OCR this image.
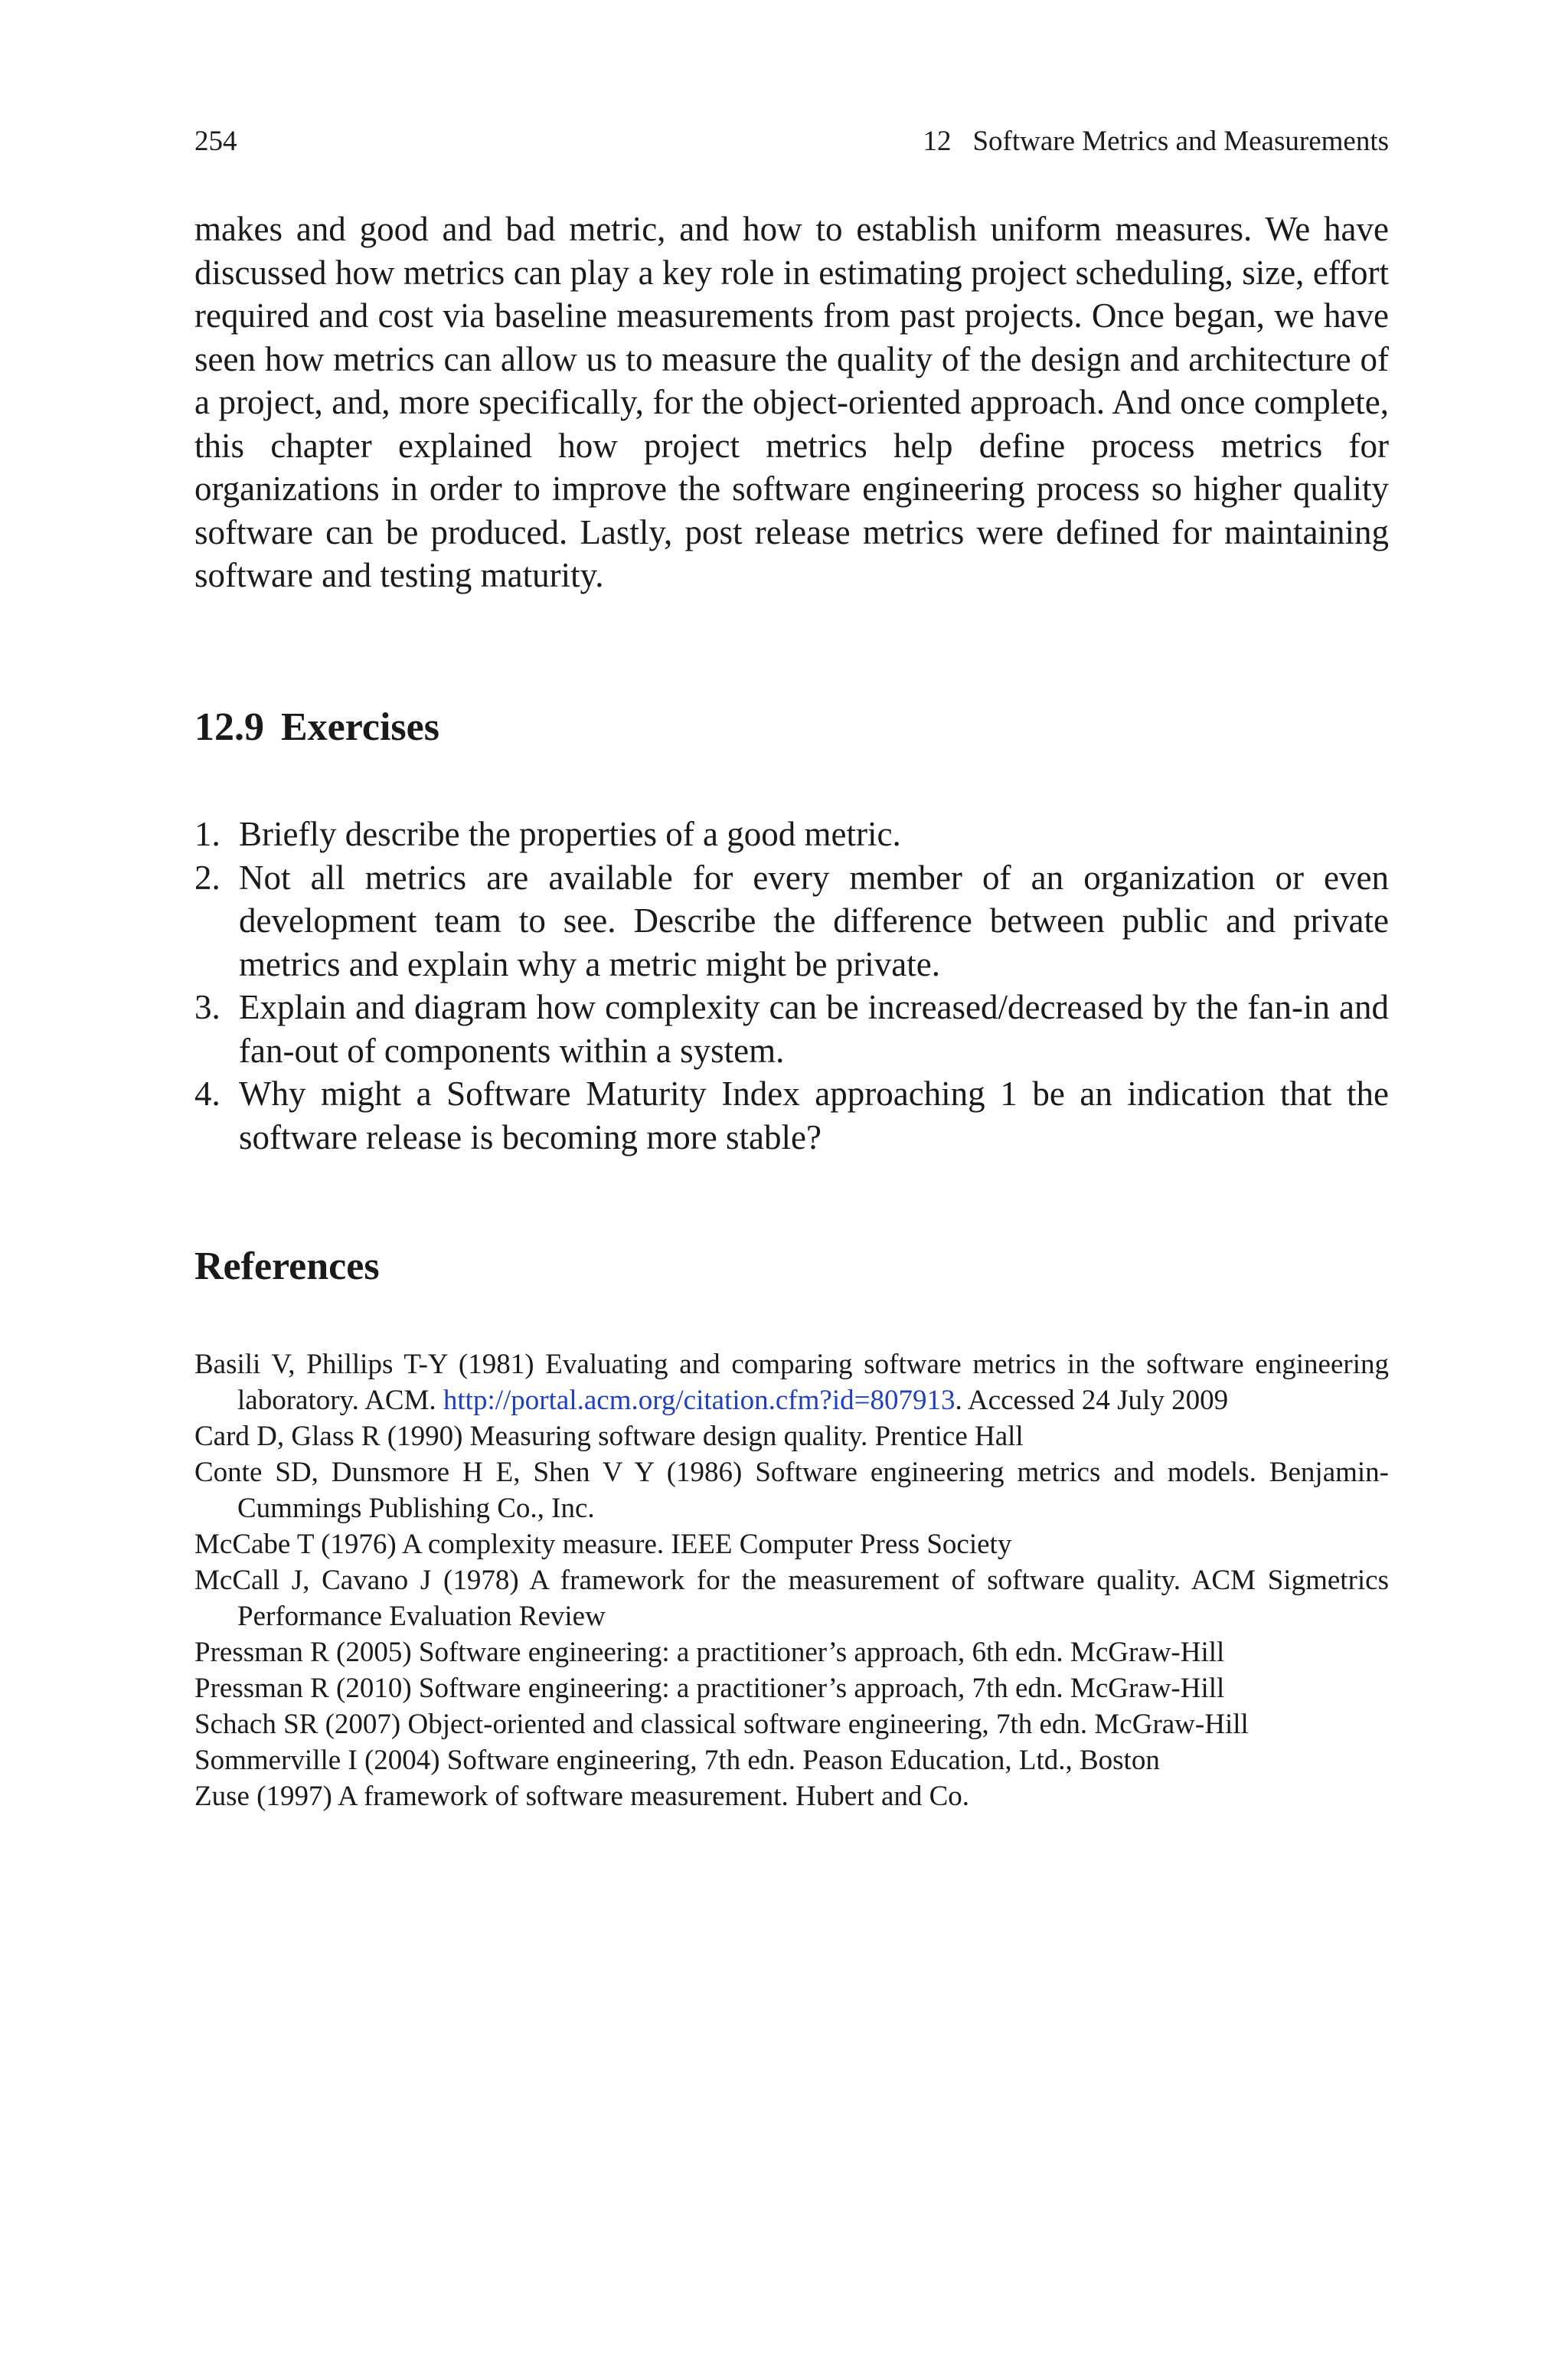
254	12 Software Metrics and Measurements

makes and good and bad metric, and how to establish uniform measures. We have discussed how metrics can play a key role in estimating project scheduling, size, effort required and cost via baseline measurements from past projects. Once began, we have seen how metrics can allow us to measure the quality of the design and architecture of a project, and, more specifically, for the object-oriented approach. And once complete, this chapter explained how project metrics help define process metrics for organizations in order to improve the software engineering process so higher quality software can be produced. Lastly, post release metrics were defined for maintaining software and testing maturity.

12.9 Exercises
1. Briefly describe the properties of a good metric.
2. Not all metrics are available for every member of an organization or even development team to see. Describe the difference between public and private metrics and explain why a metric might be private.
3. Explain and diagram how complexity can be increased/decreased by the fan-in and fan-out of components within a system.
4. Why might a Software Maturity Index approaching 1 be an indication that the software release is becoming more stable?
References
Basili V, Phillips T-Y (1981) Evaluating and comparing software metrics in the software engineering laboratory. ACM. http://portal.acm.org/citation.cfm?id=807913. Accessed 24 July 2009
Card D, Glass R (1990) Measuring software design quality. Prentice Hall
Conte SD, Dunsmore H E, Shen V Y (1986) Software engineering metrics and models. Benjamin-Cummings Publishing Co., Inc.
McCabe T (1976) A complexity measure. IEEE Computer Press Society
McCall J, Cavano J (1978) A framework for the measurement of software quality. ACM Sigmetrics Performance Evaluation Review
Pressman R (2005) Software engineering: a practitioner’s approach, 6th edn. McGraw-Hill
Pressman R (2010) Software engineering: a practitioner’s approach, 7th edn. McGraw-Hill
Schach SR (2007) Object-oriented and classical software engineering, 7th edn. McGraw-Hill
Sommerville I (2004) Software engineering, 7th edn. Peason Education, Ltd., Boston
Zuse (1997) A framework of software measurement. Hubert and Co.
